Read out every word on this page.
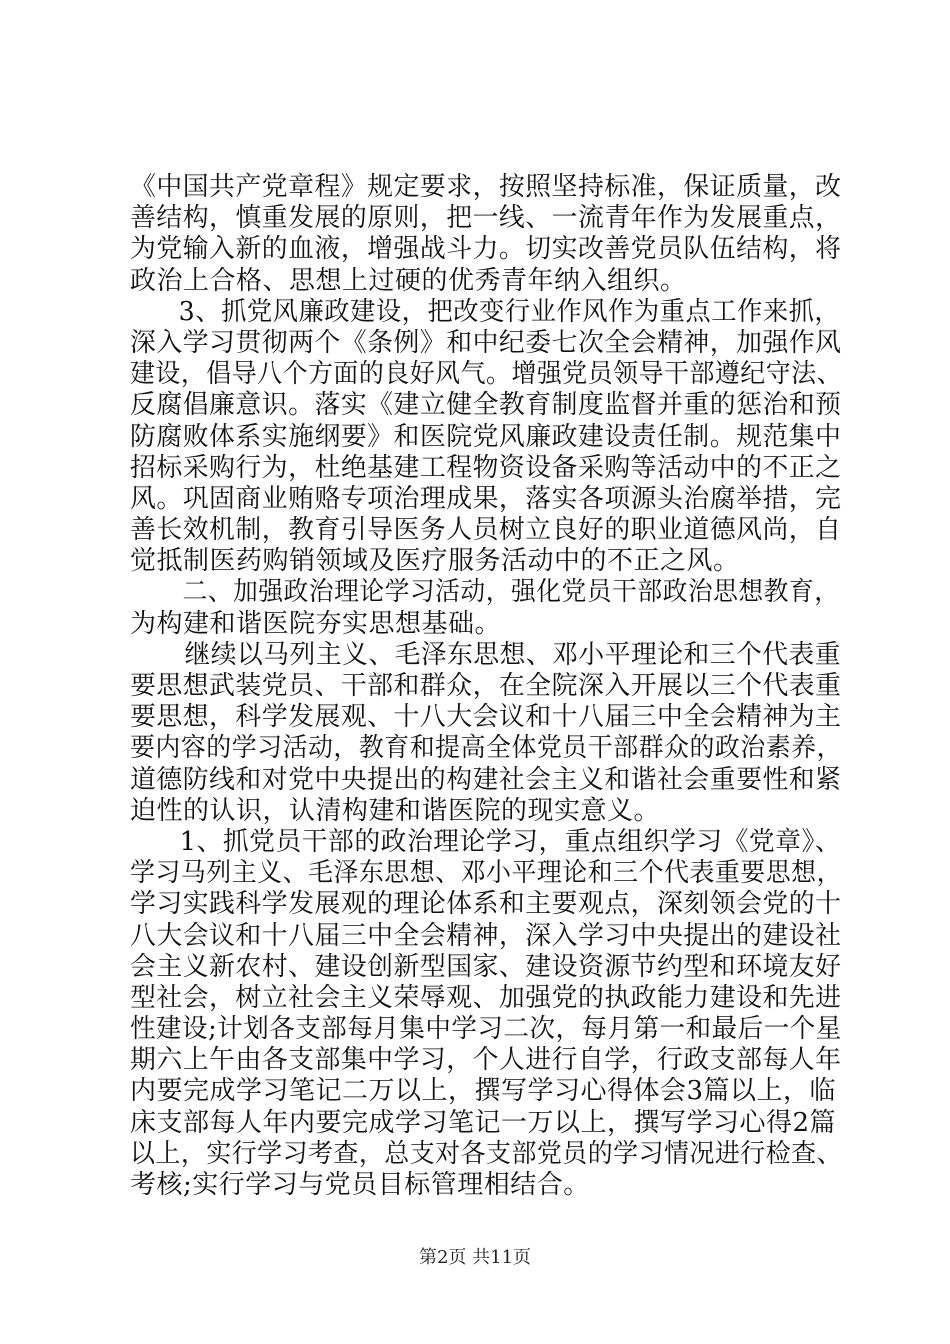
《中国共产党章程》规定要求，按照坚持标准，保证质量，改
善结构，慎重发展的原则，把一线、一流青年作为发展重点，
为党输入新的血液，增强战斗力。切实改善党员队伍结构，将
政治上合格、思想上过硬的优秀青年纳入组织。
3、抓党风廉政建设，把改变行业作风作为重点工作来抓，
深入学习贯彻两个《条例》和中纪委七次全会精神，加强作风
建设，倡导八个方面的良好风气。增强党员领导干部遵纪守法、
反腐倡廉意识。落实《建立健全教育制度监督并重的惩治和预
防腐败体系实施纲要》和医院党风廉政建设责任制。规范集中
招标采购行为，杜绝基建工程物资设备采购等活动中的不正之
风。巩固商业贿赂专项治理成果，落实各项源头治腐举措，完
善长效机制，教育引导医务人员树立良好的职业道德风尚，自
觉抵制医药购销领域及医疗服务活动中的不正之风。
二、加强政治理论学习活动，强化党员干部政治思想教育，
为构建和谐医院夯实思想基础。
继续以马列主义、毛泽东思想、邓小平理论和三个代表重
要思想武装党员、干部和群众，在全院深入开展以三个代表重
要思想，科学发展观、十八大会议和十八届三中全会精神为主
要内容的学习活动，教育和提高全体党员干部群众的政治素养，
道德防线和对党中央提出的构建社会主义和谐社会重要性和紧
迫性的认识，认清构建和谐医院的现实意义。
1、抓党员干部的政治理论学习，重点组织学习《党章》、
学习马列主义、毛泽东思想、邓小平理论和三个代表重要思想，
学习实践科学发展观的理论体系和主要观点，深刻领会党的十
八大会议和十八届三中全会精神，深入学习中央提出的建设社
会主义新农村、建设创新型国家、建设资源节约型和环境友好
型社会，树立社会主义荣辱观、加强党的执政能力建设和先进
性建设;计划各支部每月集中学习二次，每月第一和最后一个星
期六上午由各支部集中学习，个人进行自学，行政支部每人年
内要完成学习笔记二万以上，撰写学习心得体会3篇以上，临
床支部每人年内要完成学习笔记一万以上，撰写学习心得2篇
以上，实行学习考查，总支对各支部党员的学习情况进行检查、
考核;实行学习与党员目标管理相结合。
第2页 共11页
